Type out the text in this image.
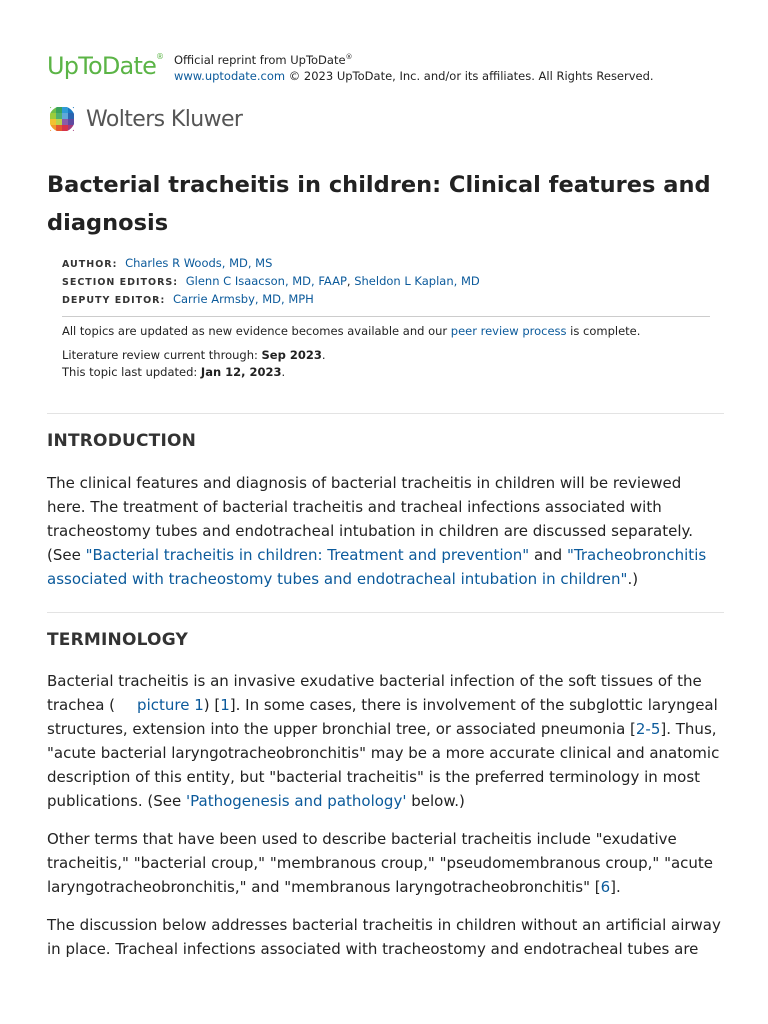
UpToDate® Official reprint from UpToDate®
www.uptodate.com © 2023 UpToDate, Inc. and/or its affiliates. All Rights Reserved.
Wolters Kluwer
Bacterial tracheitis in children: Clinical features and diagnosis
AUTHOR: Charles R Woods, MD, MS
SECTION EDITORS: Glenn C Isaacson, MD, FAAP, Sheldon L Kaplan, MD
DEPUTY EDITOR: Carrie Armsby, MD, MPH
All topics are updated as new evidence becomes available and our peer review process is complete.
Literature review current through: Sep 2023.
This topic last updated: Jan 12, 2023.
INTRODUCTION

The clinical features and diagnosis of bacterial tracheitis in children will be reviewed here. The treatment of bacterial tracheitis and tracheal infections associated with tracheostomy tubes and endotracheal intubation in children are discussed separately. (See "Bacterial tracheitis in children: Treatment and prevention" and "Tracheobronchitis associated with tracheostomy tubes and endotracheal intubation in children".)

TERMINOLOGY

Bacterial tracheitis is an invasive exudative bacterial infection of the soft tissues of the trachea ( picture 1) [1]. In some cases, there is involvement of the subglottic laryngeal structures, extension into the upper bronchial tree, or associated pneumonia [2-5]. Thus, "acute bacterial laryngotracheobronchitis" may be a more accurate clinical and anatomic description of this entity, but "bacterial tracheitis" is the preferred terminology in most publications. (See 'Pathogenesis and pathology' below.)

Other terms that have been used to describe bacterial tracheitis include "exudative tracheitis," "bacterial croup," "membranous croup," "pseudomembranous croup," "acute laryngotracheobronchitis," and "membranous laryngotracheobronchitis" [6].

The discussion below addresses bacterial tracheitis in children without an artificial airway in place. Tracheal infections associated with tracheostomy and endotracheal tubes are
